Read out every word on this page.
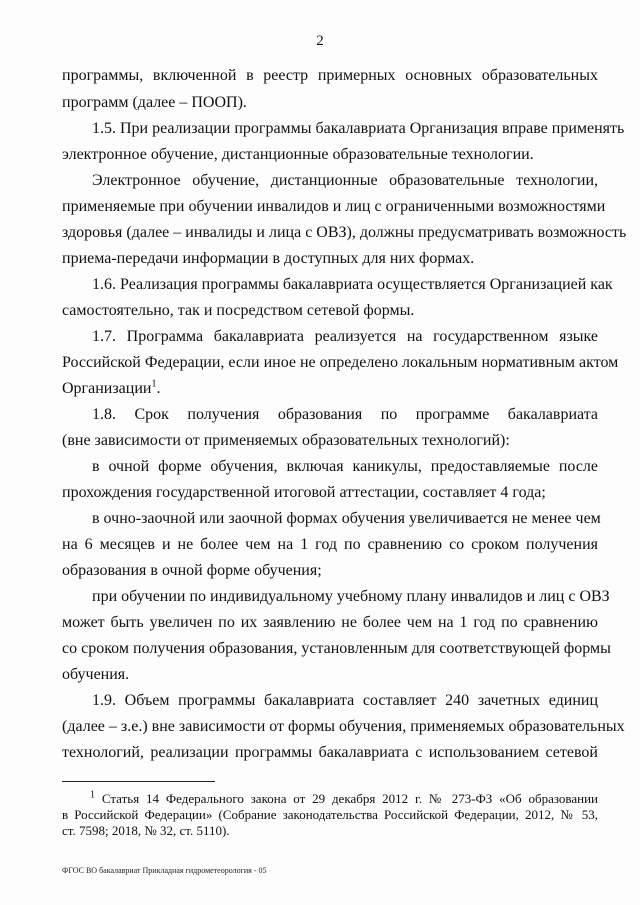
2
программы, включенной в реестр примерных основных образовательных
программ (далее – ПООП).
1.5. При реализации программы бакалавриата Организация вправе применять
электронное обучение, дистанционные образовательные технологии.
Электронное обучение, дистанционные образовательные технологии,
применяемые при обучении инвалидов и лиц с ограниченными возможностями
здоровья (далее – инвалиды и лица с ОВЗ), должны предусматривать возможность
приема-передачи информации в доступных для них формах.
1.6. Реализация программы бакалавриата осуществляется Организацией как
самостоятельно, так и посредством сетевой формы.
1.7. Программа бакалавриата реализуется на государственном языке
Российской Федерации, если иное не определено локальным нормативным актом
Организации$^1$.
1.8. Срок получения образования по программе бакалавриата
(вне зависимости от применяемых образовательных технологий):
в очной форме обучения, включая каникулы, предоставляемые после
прохождения государственной итоговой аттестации, составляет 4 года;
в очно-заочной или заочной формах обучения увеличивается не менее чем
на 6 месяцев и не более чем на 1 год по сравнению со сроком получения
образования в очной форме обучения;
при обучении по индивидуальному учебному плану инвалидов и лиц с ОВЗ
может быть увеличен по их заявлению не более чем на 1 год по сравнению
со сроком получения образования, установленным для соответствующей формы
обучения.
1.9. Объем программы бакалавриата составляет 240 зачетных единиц
(далее – з.е.) вне зависимости от формы обучения, применяемых образовательных
технологий, реализации программы бакалавриата с использованием сетевой
$^1$ Статья 14 Федерального закона от 29 декабря 2012 г. № 273-ФЗ «Об образовании
в Российской Федерации» (Собрание законодательства Российской Федерации, 2012, № 53,
ст. 7598; 2018, № 32, ст. 5110).
ФГОС ВО бакалавриат Прикладная гидрометеорология - 05
